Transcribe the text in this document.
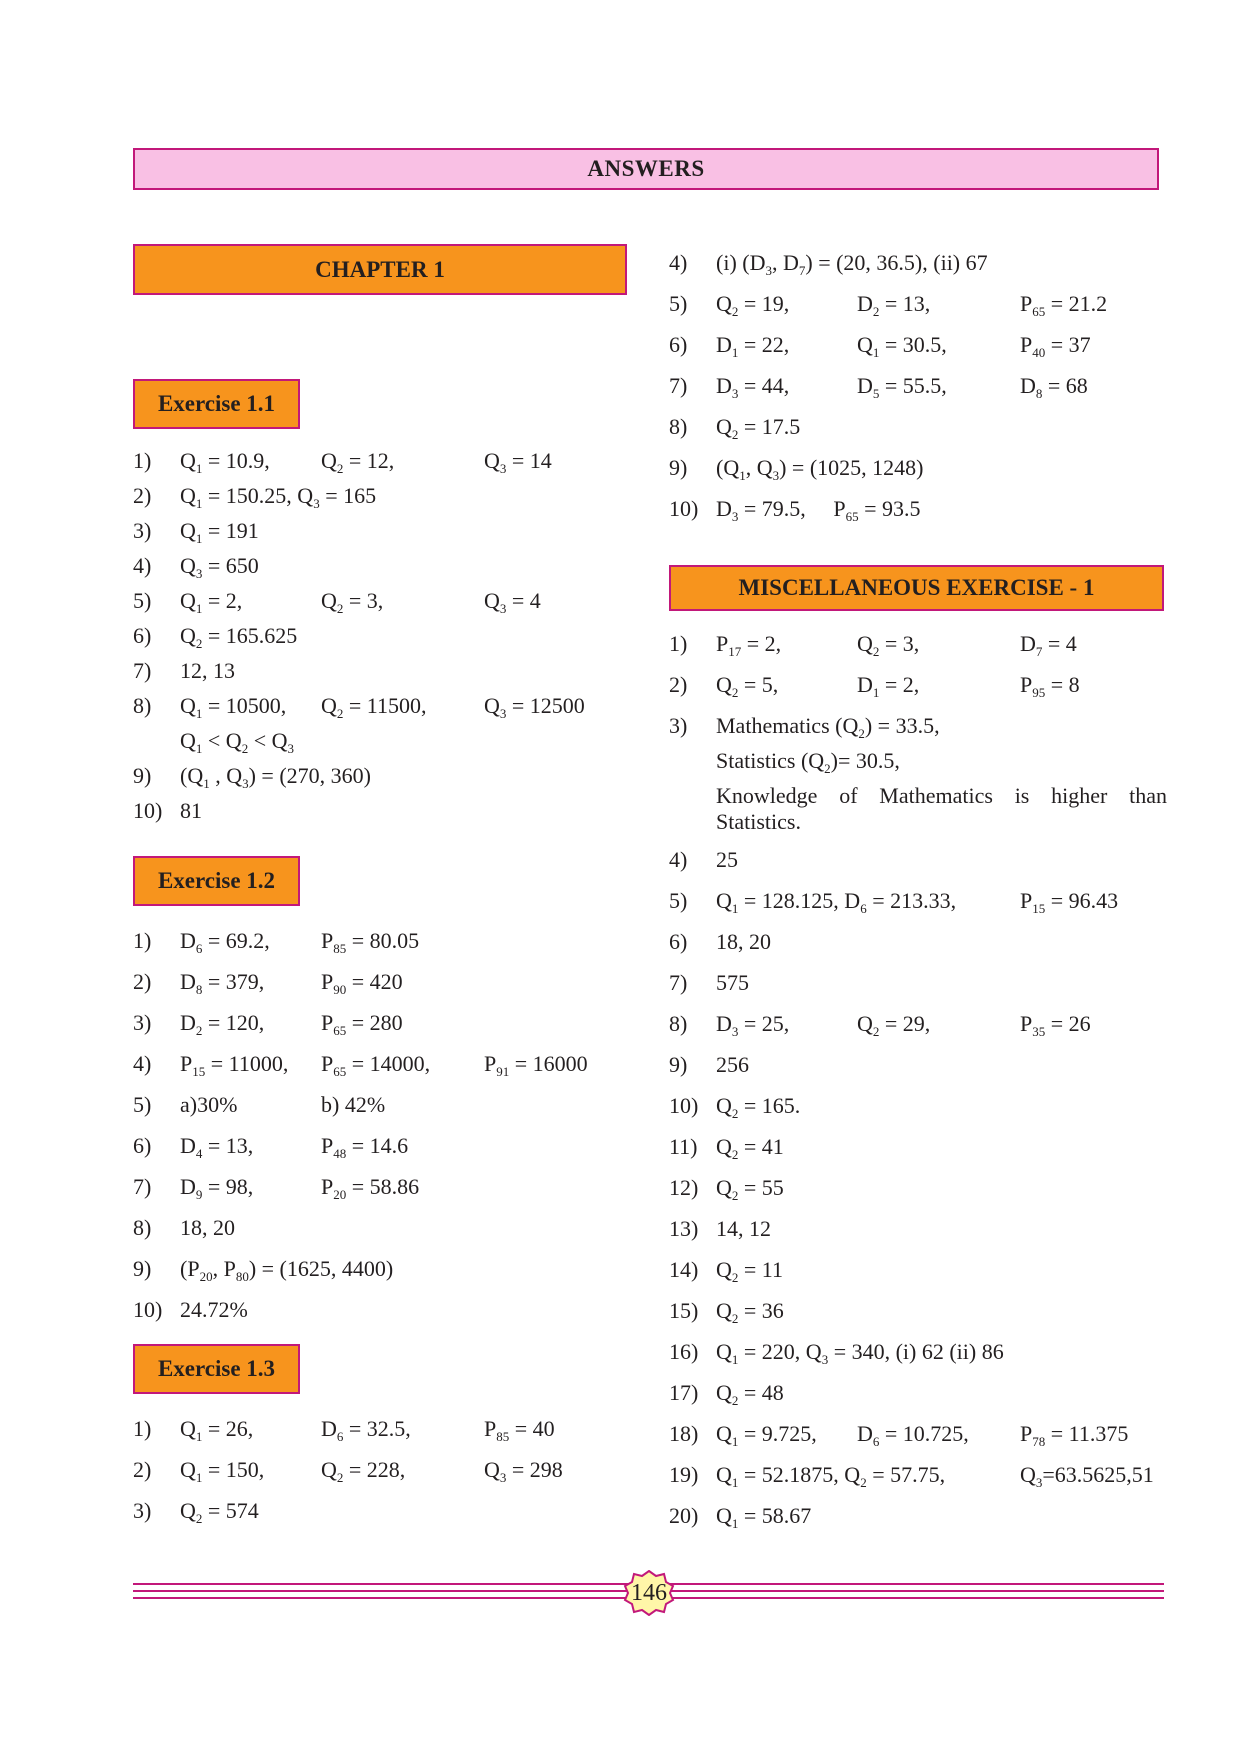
ANSWERS
CHAPTER 1
Exercise 1.1
Exercise 1.2
Exercise 1.3
MISCELLANEOUS EXERCISE - 1
1) $Q_1 = 10.9$, $Q_2 = 12$,	$Q_3 = 14$
2) $Q_1 = 150.25$, $Q_3 = 165$
3) $Q_1 = 191$
4) $Q_3 = 650$
5) $Q_1 = 2$,	$Q_2 = 3$,	$Q_3 = 4$
6) $Q_2 = 165.625$
7) 12, 13
8) $Q_1 = 10500$, $Q_2 = 11500$,	$Q_3 = 12500$
$Q_1 < Q_2 < Q_3$
9) ($Q_1$ , $Q_3) = (270$, 360)
10) 81
1) $D_6 = 69.2$, $P_{85} = 80.05$
2) $D_8 = 379$,	$P_{90} = 420$
3) $D_2 = 120$,	$P_{65} = 280$
4) $P_{15} = 11000$, $P_{65} = 14000$, $P_{91} = 16000$
5) a)30%	b) 42%
6) $D_4 = 13$,	$P_{48} = 14.6$
7) $D_9 = 98$,	$P_{20} = 58.86$
8) 18, 20
9) ($P_{20}$, $P_{80}) = (1625$, 4400)
10) 24.72%
1) $Q_1 = 26$,	$D_6 = 32.5$,	$P_{85} = 40$
2) $Q_1 = 150$,	$Q_2 = 228$,	$Q_3 = 298$
3) $Q_2 = 574$
4) (i) ($D_3$, $D_7) = (20$, 36.5), (ii) 67
5) $Q_2 = 19$,	$D_2 = 13$,	$P_{65} = 21.2$
6) $D_1 = 22$,	$Q_1 = 30.5$,	$P_{40} = 37$
7) $D_3 = 44$,	$D_5 = 55.5$,	$D_8 = 68$
8) $Q_2 = 17.5$
9) ($Q_1$, $Q_3) = (1025$, 1248)
10) $D_3 = 79.5$, $P_{65} = 93.5$
1) $P_{17} = 2$,	$Q_2 = 3$,	$D_7 = 4$
2) $Q_2 = 5$,	$D_1 = 2$,	$P_{95} = 8$
3) Mathematics $(Q_2) = 33.5$,
Statistics $(Q_2)= 30.5$,
Knowledge of Mathematics is higher than Statistics.
4) 25
5) $Q_1 = 128.125$, $D_6 = 213.33$,	$P_{15} = 96.43$
6) 18, 20
7) 575
8) $D_3 = 25$,	$Q_2 = 29$,	$P_{35} = 26$
9) 256
10) $Q_2 = 165$.
11) $Q_2 = 41$
12) $Q_2 = 55$
13) 14, 12
14) $Q_2 = 11$
15) $Q_2 = 36$
16) $Q_1 = 220$, $Q_3 = 340$, (i) 62 (ii) 86
17) $Q_2 = 48$
18) $Q_1 = 9.725$, $D_6 = 10.725$, $P_{78} = 11.375$
19) $Q_1 = 52.1875$, $Q_2 = 57.75$,	$Q_3=63.5625,51$
20) $Q_1 = 58.67$
146
